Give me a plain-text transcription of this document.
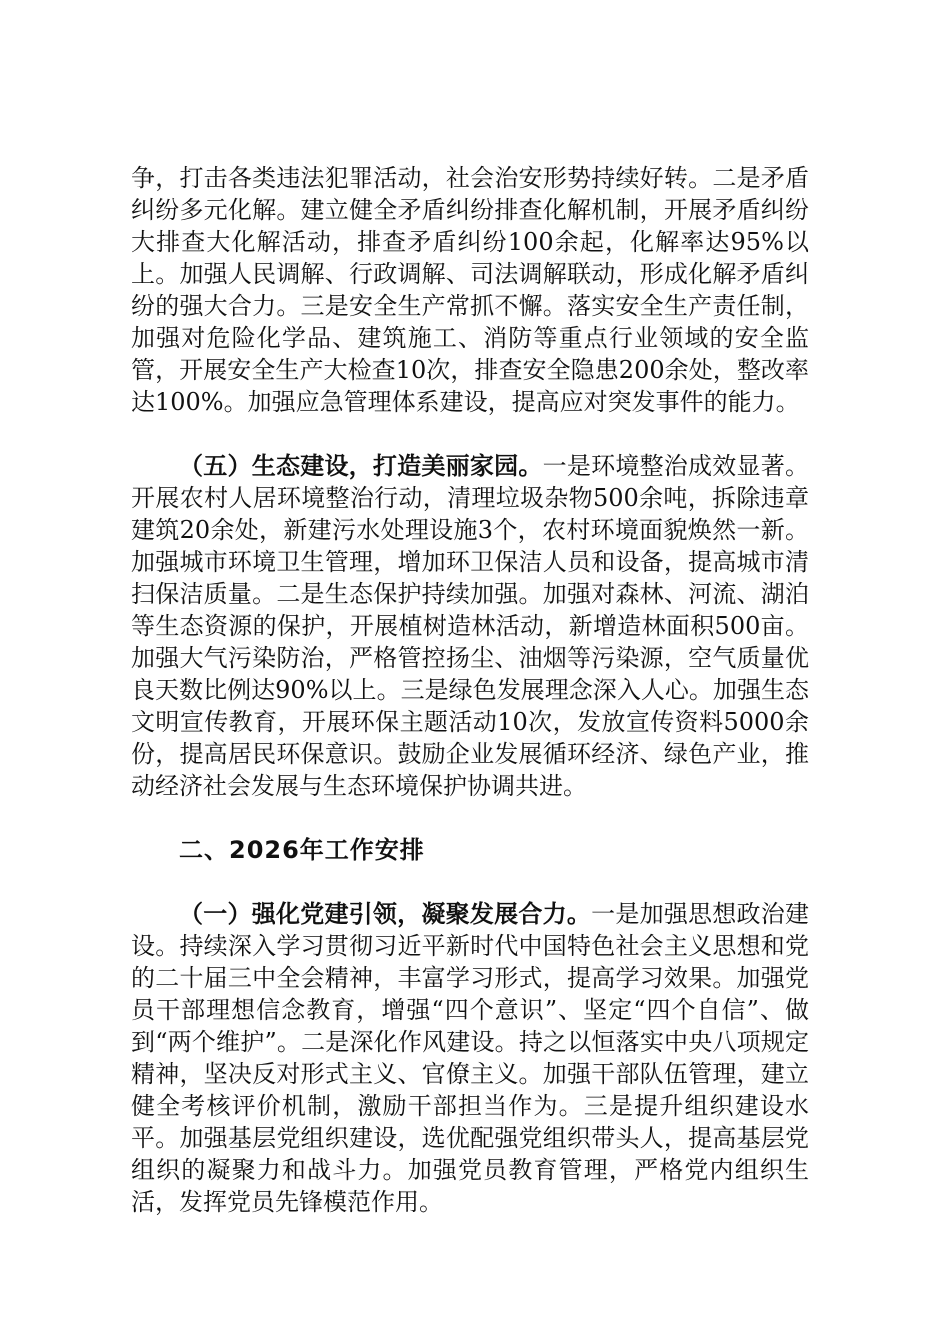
争，打击各类违法犯罪活动，社会治安形势持续好转。二是矛盾纠纷多元化解。建立健全矛盾纠纷排查化解机制，开展矛盾纠纷大排查大化解活动，排查矛盾纠纷100余起，化解率达95%以上。加强人民调解、行政调解、司法调解联动，形成化解矛盾纠纷的强大合力。三是安全生产常抓不懈。落实安全生产责任制，加强对危险化学品、建筑施工、消防等重点行业领域的安全监管，开展安全生产大检查10次，排查安全隐患200余处，整改率达100%。加强应急管理体系建设，提高应对突发事件的能力。

（五）生态建设，打造美丽家园。一是环境整治成效显著。开展农村人居环境整治行动，清理垃圾杂物500余吨，拆除违章建筑20余处，新建污水处理设施3个，农村环境面貌焕然一新。加强城市环境卫生管理，增加环卫保洁人员和设备，提高城市清扫保洁质量。二是生态保护持续加强。加强对森林、河流、湖泊等生态资源的保护，开展植树造林活动，新增造林面积500亩。加强大气污染防治，严格管控扬尘、油烟等污染源，空气质量优良天数比例达90%以上。三是绿色发展理念深入人心。加强生态文明宣传教育，开展环保主题活动10次，发放宣传资料5000余份，提高居民环保意识。鼓励企业发展循环经济、绿色产业，推动经济社会发展与生态环境保护协调共进。

二、2026年工作安排

（一）强化党建引领，凝聚发展合力。一是加强思想政治建设。持续深入学习贯彻习近平新时代中国特色社会主义思想和党的二十届三中全会精神，丰富学习形式，提高学习效果。加强党员干部理想信念教育，增强“四个意识”、坚定“四个自信”、做到“两个维护”。二是深化作风建设。持之以恒落实中央八项规定精神，坚决反对形式主义、官僚主义。加强干部队伍管理，建立健全考核评价机制，激励干部担当作为。三是提升组织建设水平。加强基层党组织建设，选优配强党组织带头人，提高基层党组织的凝聚力和战斗力。加强党员教育管理，严格党内组织生活，发挥党员先锋模范作用。
